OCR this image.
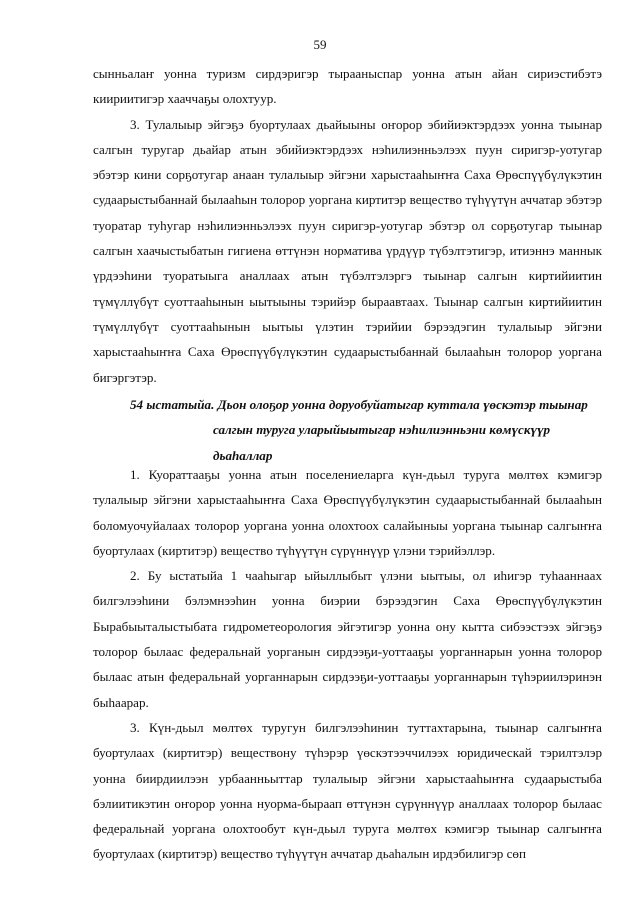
59

сынньалаҥ уонна туризм сирдэригэр тырааныспар уонна атын айан сириэстибэтэ киириитигэр хааччаҕы олохтуур.

3. Тулалыыр эйгэҕэ буортулаах дьайыыны оҥорор эбийиэктэрдээх уонна тыынар салгын туругар дьайар атын эбийиэктэрдээх нэһилиэнньэлээх пуун сиригэр-уотугар эбэтэр кини сорҕотугар анаан тулалыыр эйгэни харыстааһыҥҥа Саха Өрөспүүбүлүкэтин судаарыстыбаннай былааһын толорор уоргана киртитэр веществo түһүүтүн аччатар эбэтэр туоратар туһугар нэһилиэнньэлээх пуун сиригэр-уотугар эбэтэр ол сорҕотугар тыынар салгын хаачыстыбатын гигиена өттүнэн норматива үрдүүр түбэлтэтигэр, итиэннэ маннык үрдээһини туоратыыга аналлаах атын түбэлтэлэргэ тыынар салгын киртийиитин түмүллүбүт суоттааһынын ыытыыны тэрийэр быраавтаах. Тыынар салгын киртийиитин түмүллүбүт суоттааһынын ыытыы үлэтин тэрийии бэрээдэгин тулалыыр эйгэни харыстааһыҥҥа Саха Өрөспүүбүлүкэтин судаарыстыбаннай былааһын толорор уоргана бигэргэтэр.

54 ыстатыйа. Дьон олоҕор уонна доруобуйатыгар куттала үөскэтэр тыынар
салгын туруга уларыйыытыгар нэһилиэнньэни көмүскүүр
дьаһаллар

1. Куораттааҕы уонна атын поселениеларга күн-дьыл туруга мөлтөх кэмигэр тулалыыр эйгэни харыстааһыҥҥа Саха Өрөспүүбүлүкэтин судаарыстыбаннай былааһын боломуочуйалаах толорор уоргана уонна олохтоох салайыныы уоргана тыынар салгыҥҥа буортулаах (киртитэр) веществo түһүүтүн сүрүннүүр үлэни тэрийэллэр.

2. Бу ыстатыйа 1 чааһыгар ыйыллыбыт үлэни ыытыы, ол иһигэр туһааннаах билгэлээһини бэлэмнээһин уонна биэрии бэрээдэгин Саха Өрөспүүбүлүкэтин Бырабыыталыстыбата гидрометеорология эйгэтигэр уонна ону кытта сибээстээх эйгэҕэ толорор былаас федеральнай уорганын сирдээҕи-уоттааҕы уорганнарын уонна толорор былаас атын федеральнай уорганнарын сирдээҕи-уоттааҕы уорганнарын түһэриилэринэн быһаарар.

3. Күн-дьыл мөлтөх туругун билгэлээһинин туттахтарына, тыынар салгыҥҥа буортулаах (киртитэр) веществону түһэрэр үөскэтээччилээх юридическай тэрилтэлэр уонна биирдиилээн урбаанньыттар тулалыыр эйгэни харыстааһыҥҥа судаарыстыба бэлиитикэтин оҥорор уонна нуорма-быраап өттүнэн сүрүннүүр аналлаах толорор былаас федеральнай уоргана олохтообут күн-дьыл туруга мөлтөх кэмигэр тыынар салгыҥҥа буортулаах (киртитэр) веществo түһүүтүн аччатар дьаһалын ирдэбилигэр сөп
